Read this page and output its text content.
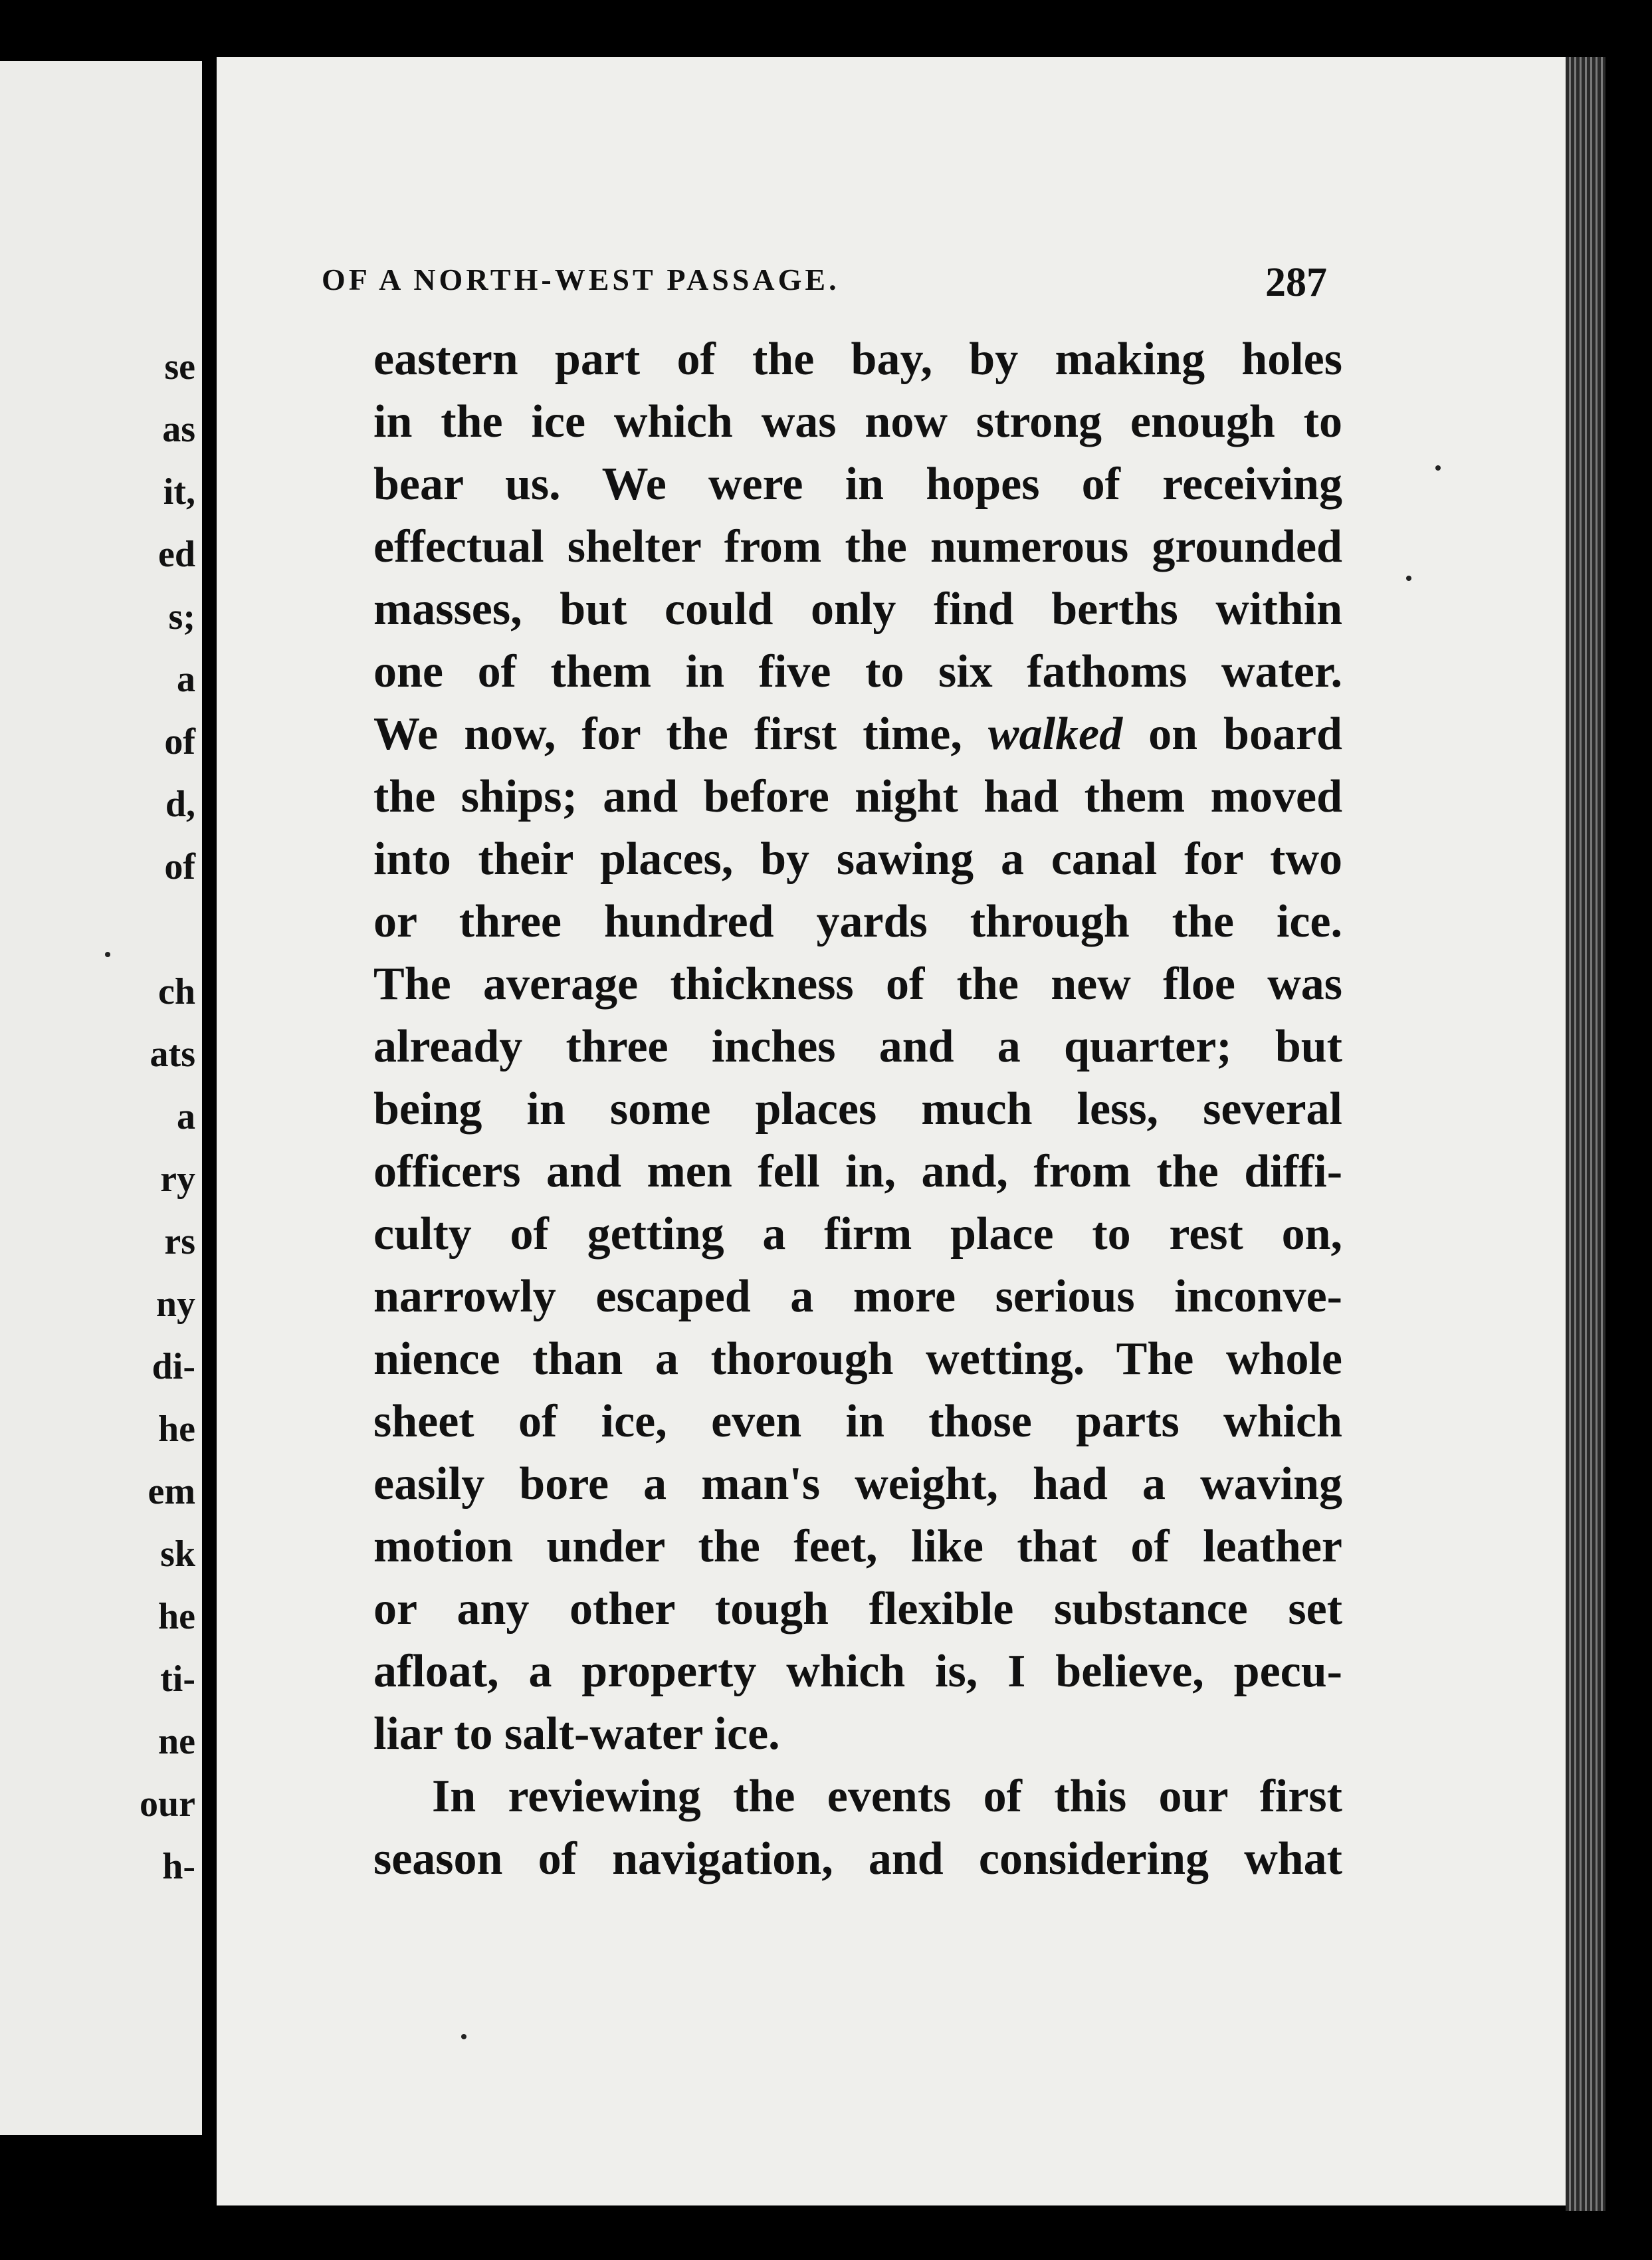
se
as
it,
ed
s;
a
of
d,
of
ch
ats
a
ry
rs
ny
di-
he
em
sk
he
ti-
ne
our
h-
OF A NORTH-WEST PASSAGE.	287
eastern part of the bay, by making holes
in the ice which was now strong enough to
bear us. We were in hopes of receiving
effectual shelter from the numerous grounded
masses, but could only find berths within
one of them in five to six fathoms water.
We now, for the first time, walked on board
the ships; and before night had them moved
into their places, by sawing a canal for two
or three hundred yards through the ice.
The average thickness of the new floe was
already three inches and a quarter; but
being in some places much less, several
officers and men fell in, and, from the diffi-
culty of getting a firm place to rest on,
narrowly escaped a more serious inconve-
nience than a thorough wetting. The whole
sheet of ice, even in those parts which
easily bore a man's weight, had a waving
motion under the feet, like that of leather
or any other tough flexible substance set
afloat, a property which is, I believe, pecu-
liar to salt-water ice.
In reviewing the events of this our first
season of navigation, and considering what
